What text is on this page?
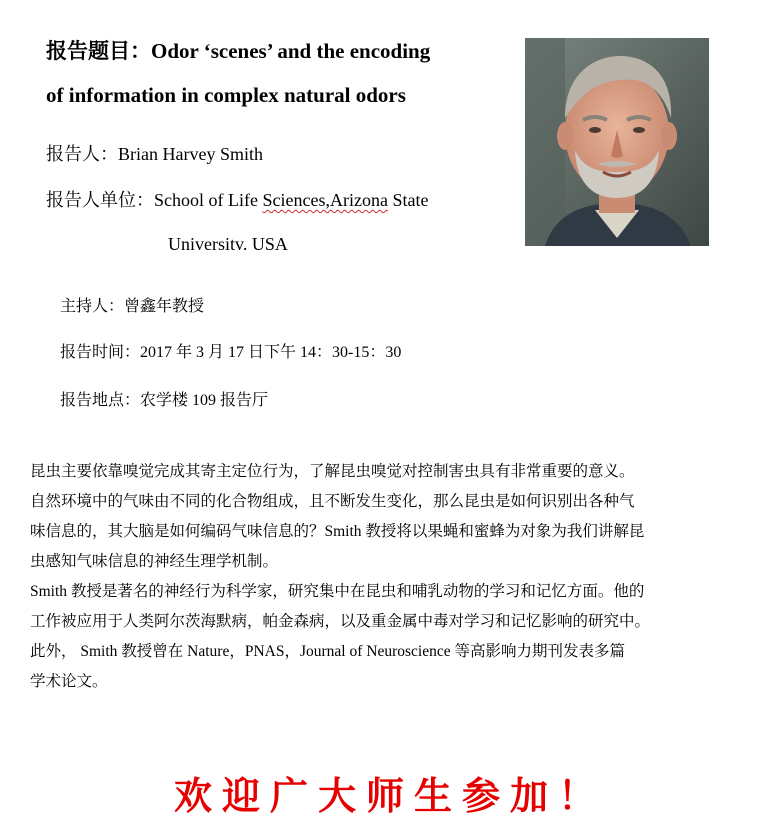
报告题目：Odor ‘scenes’ and the encoding
of information in complex natural odors
报告人：Brian Harvey Smith
报告人单位：School of Life Sciences,Arizona State
Universitv. USA
主持人：曾鑫年教授
报告时间：2017 年 3 月 17 日下午 14：30-15：30
报告地点：农学楼 109 报告厅
昆虫主要依靠嗅觉完成其寄主定位行为，了解昆虫嗅觉对控制害虫具有非常重要的意义。
自然环境中的气味由不同的化合物组成，且不断发生变化，那么昆虫是如何识别出各种气
味信息的，其大脑是如何编码气味信息的？Smith 教授将以果蝇和蜜蜂为对象为我们讲解昆
虫感知气味信息的神经生理学机制。
Smith 教授是著名的神经行为科学家，研究集中在昆虫和哺乳动物的学习和记忆方面。他的
工作被应用于人类阿尔茨海默病，帕金森病，以及重金属中毒对学习和记忆影响的研究中。
此外， Smith 教授曾在 Nature，PNAS，Journal of Neuroscience 等高影响力期刊发表多篇
学术论文。
欢迎广大师生参加！
